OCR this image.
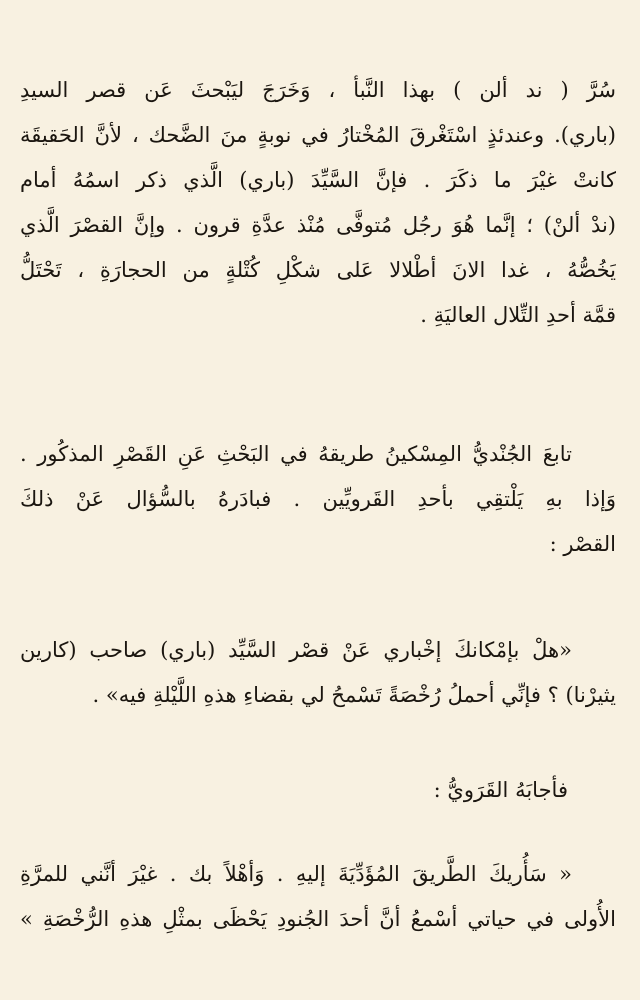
سُرَّ ( ند ألن ) بهذا النَّبأ ، وَخَرَجَ ليَبْحثَ عَن قصر السيدِ
(باري). وعندئذٍ اسْتَغْرقَ المُخْتارُ في نوبةٍ منَ الضَّحك ، لأنَّ الحَقيقَة
كانتْ غيْرَ ما ذكَرَ . فإنَّ السَّيِّدَ (باري) الَّذي ذكر اسمُهُ أمام
(ندْ ألنْ) ؛ إنَّما هُوَ رجُل مُتوفَّى مُنْذ عدَّةِ قرون . وإنَّ القصْرَ الَّذي
يَخُصُّهُ ، غدا الانَ أطْلالا عَلى شكْلِ كُتْلةٍ من الحجارَةِ ، تَحْتَلُّ
قمَّة أحدِ التِّلال العاليَةِ .
تابعَ الجُنْديُّ المِسْكينُ طريقهُ في البَحْثِ عَنِ القَصْرِ المذكُور .
وَإذا بهِ يَلْتقِي بأحدِ القَرويِّين . فبادَرهُ بالسُّؤال عَنْ ذلكَ
القصْر :
«هلْ بإمْكانكَ إخْباري عَنْ قصْر السَّيِّد (باري) صاحب (كارين
يثيرْنا) ؟ فإنِّي أحملُ رُخْصَةً تَسْمحُ لي بقضاءِ هذهِ اللَّيْلةِ فيه» .
فأجابَهُ القَرَويُّ :
« سَأُريكَ الطَّريقَ المُؤَدِّيَةَ إليهِ . وَأهْلاً بك . غيْرَ أنَّني للمرَّةِ
الأُولى في حياتي أسْمعُ أنَّ أحدَ الجُنودِ يَحْظَى بمثْلِ هذهِ الرُّخْصَةِ »
